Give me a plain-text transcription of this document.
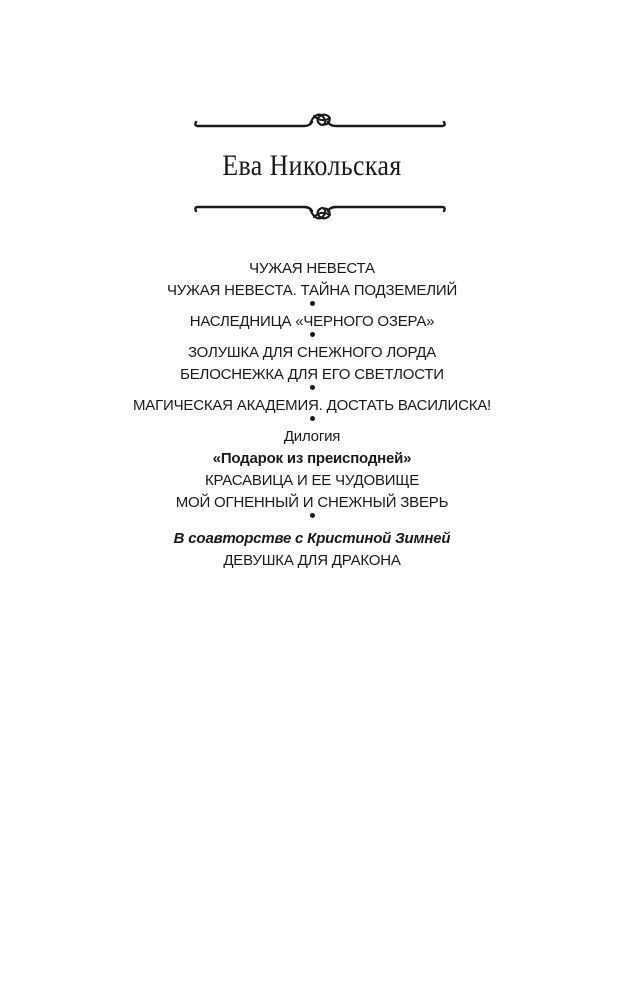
Ева Никольская
ЧУЖАЯ НЕВЕСТА
ЧУЖАЯ НЕВЕСТА. ТАЙНА ПОДЗЕМЕЛИЙ
НАСЛЕДНИЦА «ЧЕРНОГО ОЗЕРА»
ЗОЛУШКА ДЛЯ СНЕЖНОГО ЛОРДА
БЕЛОСНЕЖКА ДЛЯ ЕГО СВЕТЛОСТИ
МАГИЧЕСКАЯ АКАДЕМИЯ. ДОСТАТЬ ВАСИЛИСКА!
Дилогия
«Подарок из преисподней»
КРАСАВИЦА И ЕЕ ЧУДОВИЩЕ
МОЙ ОГНЕННЫЙ И СНЕЖНЫЙ ЗВЕРЬ
В соавторстве с Кристиной Зимней
ДЕВУШКА ДЛЯ ДРАКОНА
